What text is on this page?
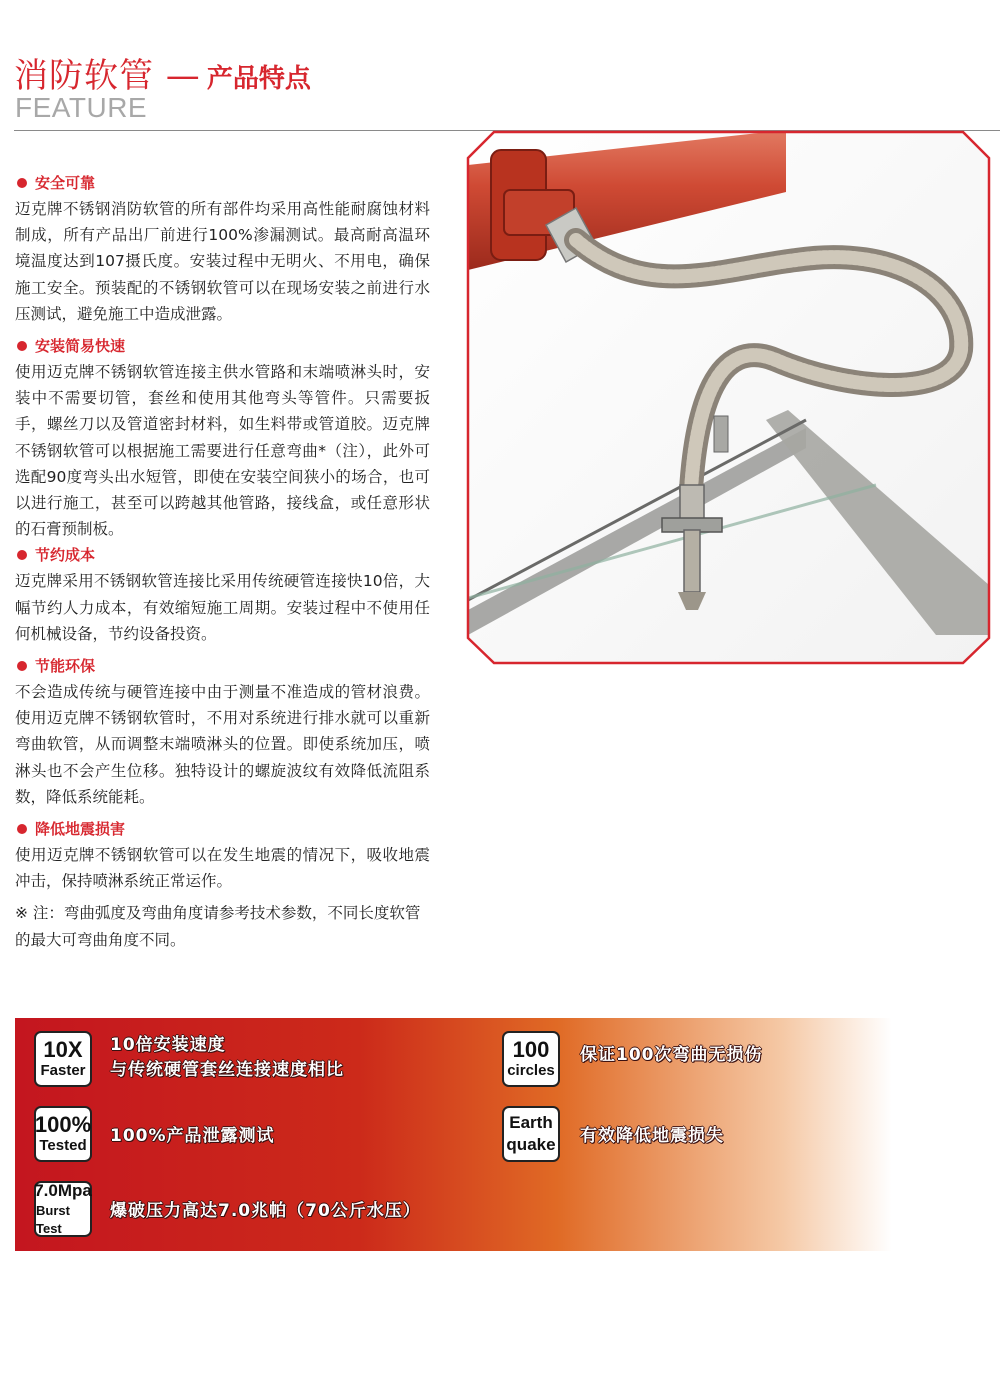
消防软管 — 产品特点
FEATURE
安全可靠
迈克牌不锈钢消防软管的所有部件均采用高性能耐腐蚀材料制成，所有产品出厂前进行100%渗漏测试。最高耐高温环境温度达到107摄氏度。安装过程中无明火、不用电，确保施工安全。预装配的不锈钢软管可以在现场安装之前进行水压测试，避免施工中造成泄露。
安装简易快速
使用迈克牌不锈钢软管连接主供水管路和末端喷淋头时，安装中不需要切管，套丝和使用其他弯头等管件。只需要扳手，螺丝刀以及管道密封材料，如生料带或管道胶。迈克牌不锈钢软管可以根据施工需要进行任意弯曲*（注），此外可选配90度弯头出水短管，即使在安装空间狭小的场合，也可以进行施工，甚至可以跨越其他管路，接线盒，或任意形状的石膏预制板。
节约成本
迈克牌采用不锈钢软管连接比采用传统硬管连接快10倍，大幅节约人力成本，有效缩短施工周期。安装过程中不使用任何机械设备，节约设备投资。
节能环保
不会造成传统与硬管连接中由于测量不准造成的管材浪费。使用迈克牌不锈钢软管时，不用对系统进行排水就可以重新弯曲软管，从而调整末端喷淋头的位置。即使系统加压，喷淋头也不会产生位移。独特设计的螺旋波纹有效降低流阻系数，降低系统能耗。
降低地震损害
使用迈克牌不锈钢软管可以在发生地震的情况下，吸收地震冲击，保持喷淋系统正常运作。
※ 注：弯曲弧度及弯曲角度请参考技术参数，不同长度软管的最大可弯曲角度不同。
10X
Faster
10倍安装速度
与传统硬管套丝连接速度相比
100%
Tested 100%产品泄露测试
7.0Mpa
Burst Test
爆破压力高达7.0兆帕（70公斤水压）
100
circles
保证100次弯曲无损伤
Earth
quake 有效降低地震损失
